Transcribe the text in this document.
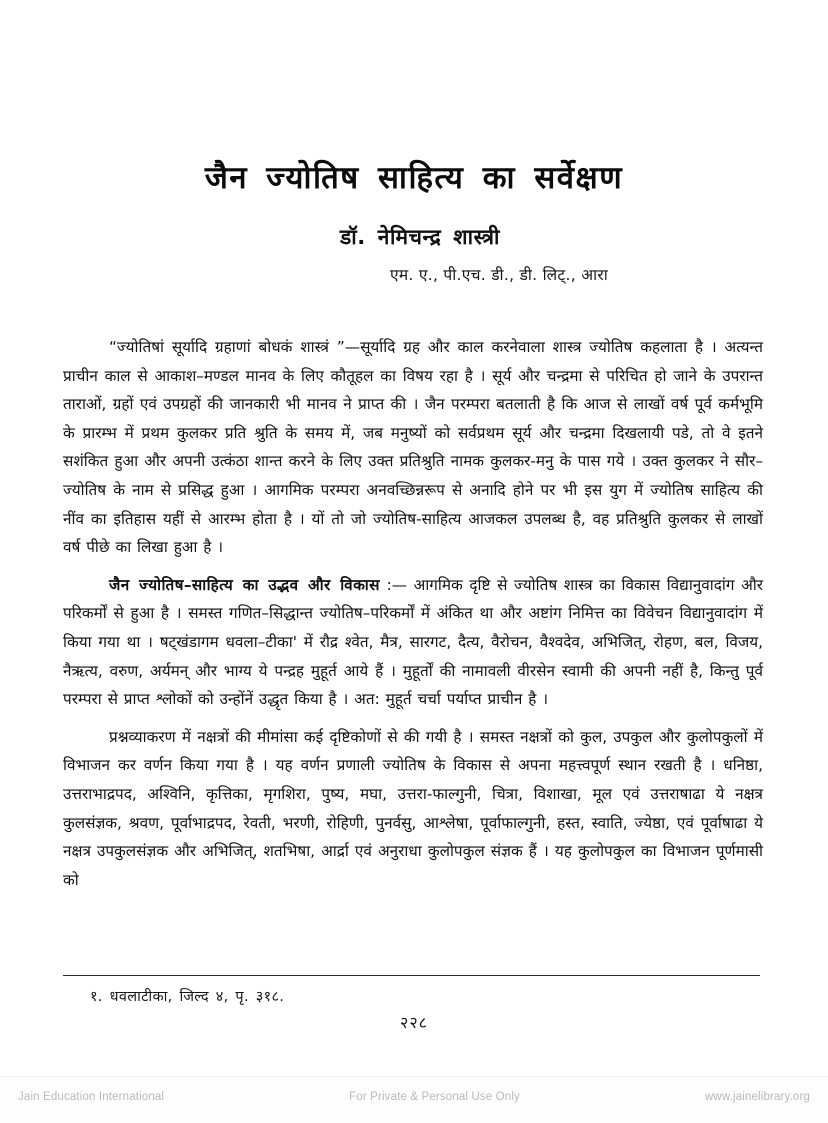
जैन ज्योतिष साहित्य का सर्वेक्षण
डॉ. नेमिचन्द्र शास्त्री
एम. ए., पी.एच. डी., डी. लिट्., आरा

“ज्योतिषां सूर्यादि ग्रहाणां बोधकं शास्त्रं ”—सूर्यादि ग्रह और काल करनेवाला शास्त्र ज्योतिष कहलाता है । अत्यन्त प्राचीन काल से आकाश–मण्डल मानव के लिए कौतूहल का विषय रहा है । सूर्य और चन्द्रमा से परिचित हो जाने के उपरान्त ताराओं, ग्रहों एवं उपग्रहों की जानकारी भी मानव ने प्राप्त की । जैन परम्परा बतलाती है कि आज से लाखों वर्ष पूर्व कर्मभूमि के प्रारम्भ में प्रथम कुलकर प्रति श्रुति के समय में, जब मनुष्यों को सर्वप्रथम सूर्य और चन्द्रमा दिखलायी पडे, तो वे इतने सशंकित हुआ और अपनी उत्कंठा शान्त करने के लिए उक्त प्रतिश्रुति नामक कुलकर-मनु के पास गये । उक्त कुलकर ने सौर–ज्योतिष के नाम से प्रसिद्ध हुआ । आगमिक परम्परा अनवच्छिन्नरूप से अनादि होने पर भी इस युग में ज्योतिष साहित्य की नींव का इतिहास यहीं से आरम्भ होता है । यों तो जो ज्योतिष-साहित्य आजकल उपलब्ध है, वह प्रतिश्रुति कुलकर से लाखों वर्ष पीछे का लिखा हुआ है ।

जैन ज्योतिष–साहित्य का उद्भव और विकास :— आगमिक दृष्टि से ज्योतिष शास्त्र का विकास विद्यानुवादांग और परिकर्मों से हुआ है । समस्त गणित–सिद्धान्त ज्योतिष–परिकर्मों में अंकित था और अष्टांग निमित्त का विवेचन विद्यानुवादांग में किया गया था । षट्खंडागम धवला–टीका' में रौद्र श्वेत, मैत्र, सारगट, दैत्य, वैरोचन, वैश्वदेव, अभिजित्, रोहण, बल, विजय, नैऋत्य, वरुण, अर्यमन् और भाग्य ये पन्द्रह मुहूर्त आये हैं । मुहूर्तों की नामावली वीरसेन स्वामी की अपनी नहीं है, किन्तु पूर्व परम्परा से प्राप्त श्लोकों को उन्होंनें उद्धृत किया है । अत: मुहूर्त चर्चा पर्याप्त प्राचीन है ।

प्रश्नव्याकरण में नक्षत्रों की मीमांसा कई दृष्टिकोणों से की गयी है । समस्त नक्षत्रों को कुल, उपकुल और कुलोपकुलों में विभाजन कर वर्णन किया गया है । यह वर्णन प्रणाली ज्योतिष के विकास से अपना महत्त्वपूर्ण स्थान रखती है । धनिष्ठा, उत्तराभाद्रपद, अश्विनि, कृत्तिका, मृगशिरा, पुष्य, मघा, उत्तरा-फाल्गुनी, चित्रा, विशाखा, मूल एवं उत्तराषाढा ये नक्षत्र कुलसंज्ञक, श्रवण, पूर्वाभाद्रपद, रेवती, भरणी, रोहिणी, पुनर्वसु, आश्लेषा, पूर्वाफाल्गुनी, हस्त, स्वाति, ज्येष्ठा, एवं पूर्वाषाढा ये नक्षत्र उपकुलसंज्ञक और अभिजित्, शतभिषा, आर्द्रा एवं अनुराधा कुलोपकुल संज्ञक हैं । यह कुलोपकुल का विभाजन पूर्णमासी को

१. धवलाटीका, जिल्द ४, पृ. ३१८.
२२८
Jain Education International	For Private & Personal Use Only	www.jainelibrary.org
